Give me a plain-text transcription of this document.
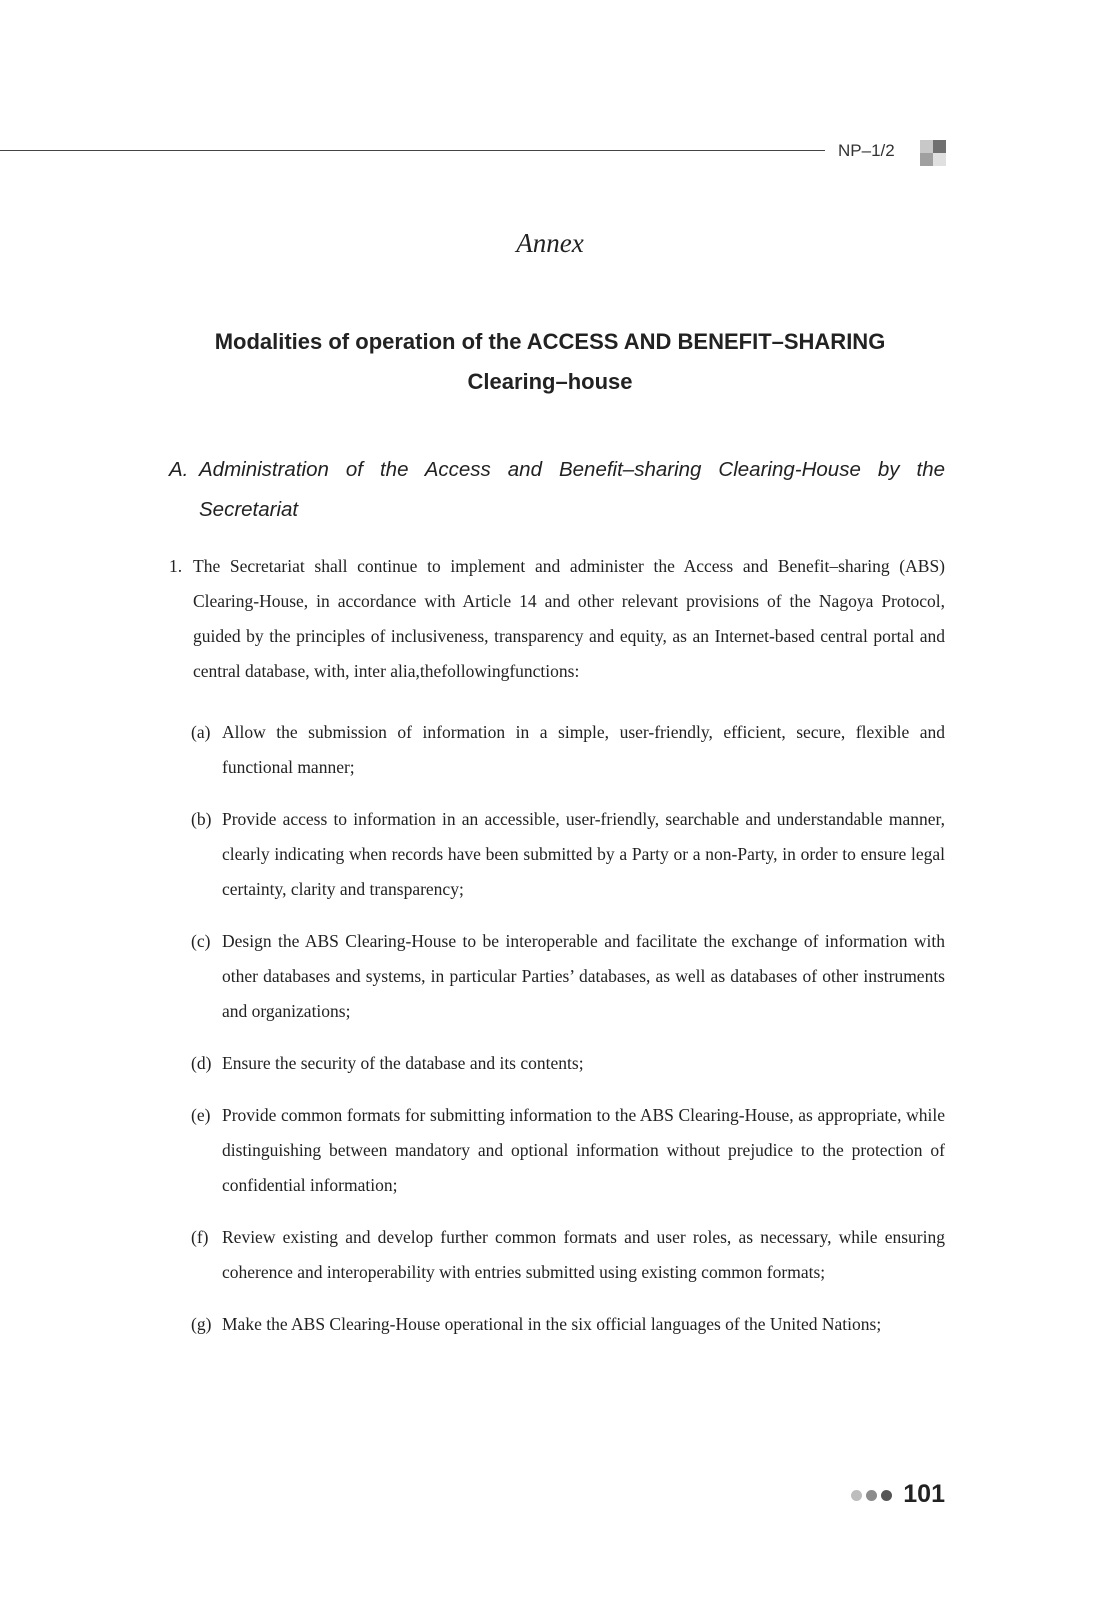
NP–1/2
Annex
Modalities of operation of the ACCESS AND BENEFIT–SHARING
Clearing–house
A. Administration of the Access and Benefit–sharing Clearing-House by the Secretariat
1. The Secretariat shall continue to implement and administer the Access and Benefit–sharing (ABS) Clearing-House, in accordance with Article 14 and other relevant provisions of the Nagoya Protocol, guided by the principles of inclusiveness, transparency and equity, as an Internet-based central portal and central database, with, inter alia,thefollowingfunctions:
(a) Allow the submission of information in a simple, user-friendly, efficient, secure, flexible and functional manner;
(b) Provide access to information in an accessible, user-friendly, searchable and understandable manner, clearly indicating when records have been submitted by a Party or a non-Party, in order to ensure legal certainty, clarity and transparency;
(c) Design the ABS Clearing-House to be interoperable and facilitate the exchange of information with other databases and systems, in particular Parties’ databases, as well as databases of other instruments and organizations;
(d) Ensure the security of the database and its contents;
(e) Provide common formats for submitting information to the ABS Clearing-House, as appropriate, while distinguishing between mandatory and optional information without prejudice to the protection of confidential information;
(f) Review existing and develop further common formats and user roles, as necessary, while ensuring coherence and interoperability with entries submitted using existing common formats;
(g) Make the ABS Clearing-House operational in the six official languages of the United Nations;
101
